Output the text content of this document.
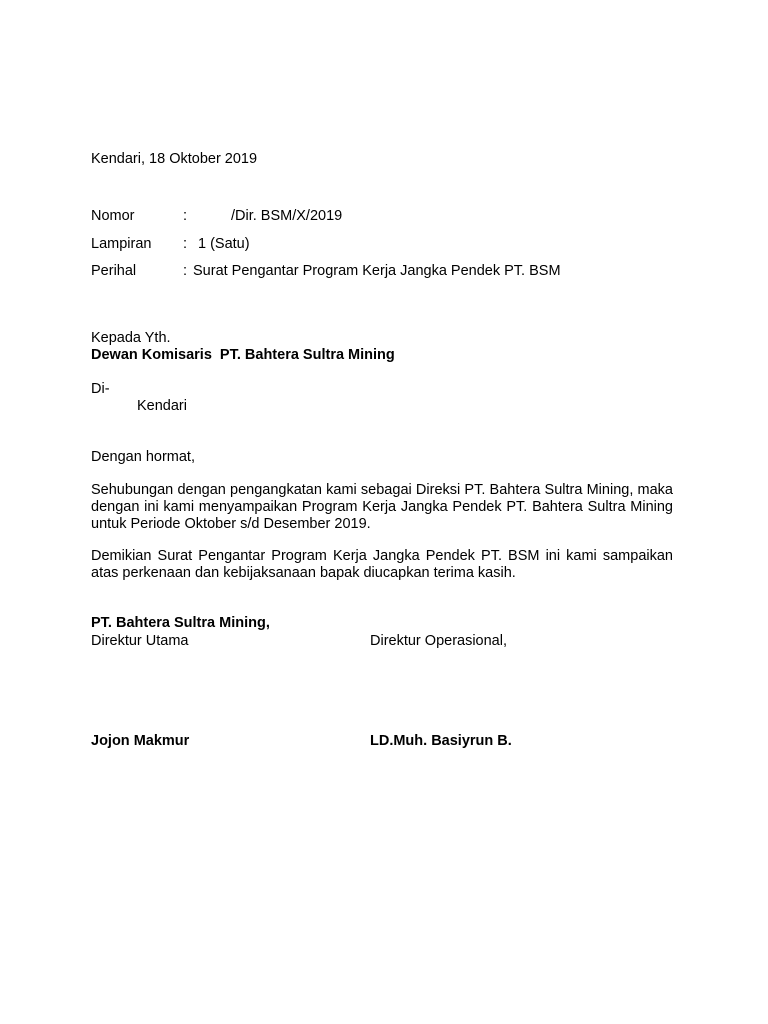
Kendari, 18 Oktober 2019
Nomor	:	/Dir. BSM/X/2019
Lampiran : 1 (Satu)
Perihal	: Surat Pengantar Program Kerja Jangka Pendek PT. BSM
Kepada Yth.
Dewan Komisaris  PT. Bahtera Sultra Mining
Di-
Kendari
Dengan hormat,
Sehubungan dengan pengangkatan kami sebagai Direksi PT. Bahtera Sultra Mining, maka dengan ini kami menyampaikan Program Kerja Jangka Pendek PT. Bahtera Sultra Mining untuk Periode Oktober s/d Desember 2019.
Demikian Surat Pengantar Program Kerja Jangka Pendek PT. BSM ini kami sampaikan atas perkenaan dan kebijaksanaan bapak diucapkan terima kasih.
PT. Bahtera Sultra Mining,
Direktur Utama	Direktur Operasional,
Jojon Makmur	LD.Muh. Basiyrun B.
